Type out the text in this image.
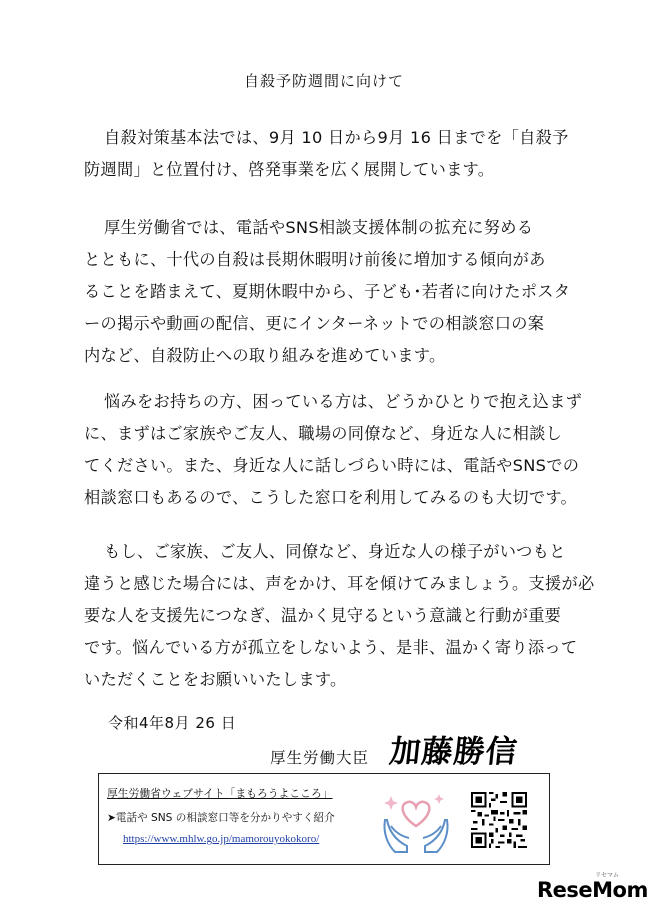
自殺予防週間に向けて
自殺対策基本法では、9月 10 日から9月 16 日までを「自殺予
防週間」と位置付け、啓発事業を広く展開しています。
厚生労働省では、電話やSNS相談支援体制の拡充に努める
とともに、十代の自殺は長期休暇明け前後に増加する傾向があ
ることを踏まえて、夏期休暇中から、子ども･若者に向けたポスタ
ーの掲示や動画の配信、更にインターネットでの相談窓口の案
内など、自殺防止への取り組みを進めています。
悩みをお持ちの方、困っている方は、どうかひとりで抱え込まず
に、まずはご家族やご友人、職場の同僚など、身近な人に相談し
てください。また、身近な人に話しづらい時には、電話やSNSでの
相談窓口もあるので、こうした窓口を利用してみるのも大切です。
もし、ご家族、ご友人、同僚など、身近な人の様子がいつもと
違うと感じた場合には、声をかけ、耳を傾けてみましょう。支援が必
要な人を支援先につなぎ、温かく見守るという意識と行動が重要
です。悩んでいる方が孤立をしないよう、是非、温かく寄り添って
いただくことをお願いいたします。
令和4年8月 26 日
厚生労働大臣 加藤勝信
厚生労働省ウェブサイト「まもろうよこころ」
➤電話や SNS の相談窓口等を分かりやすく紹介
https://www.mhlw.go.jp/mamorouyokokoro/
ReseMom
リセマム
